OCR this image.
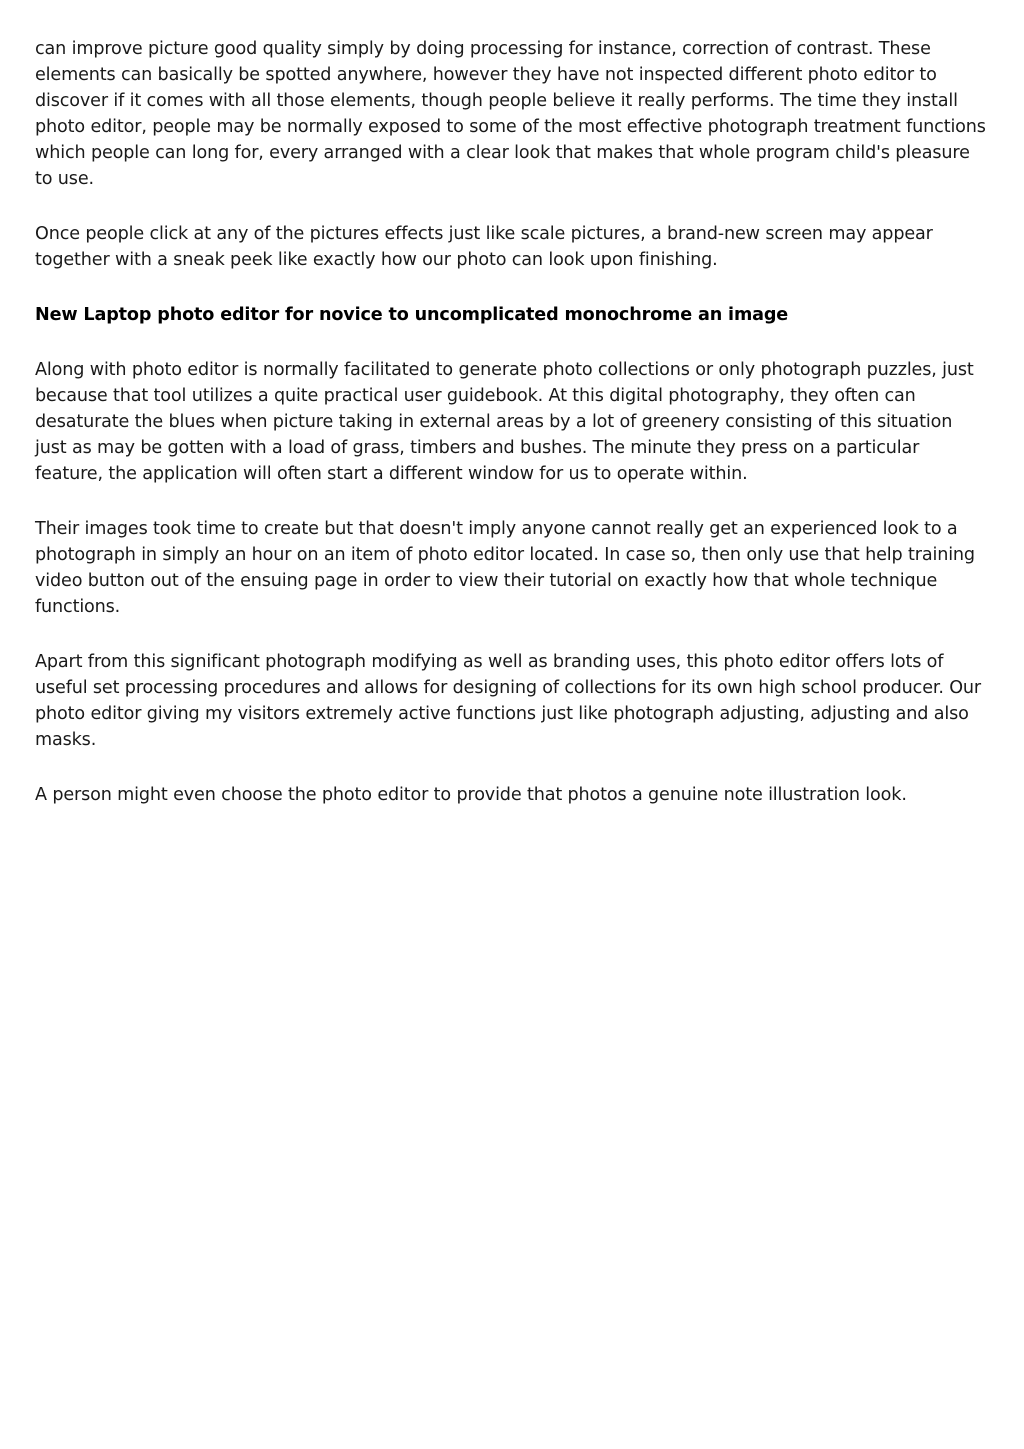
can improve picture good quality simply by doing processing for instance, correction of contrast. These elements can basically be spotted anywhere, however they have not inspected different photo editor to discover if it comes with all those elements, though people believe it really performs. The time they install photo editor, people may be normally exposed to some of the most effective photograph treatment functions which people can long for, every arranged with a clear look that makes that whole program child's pleasure to use.

Once people click at any of the pictures effects just like scale pictures, a brand-new screen may appear together with a sneak peek like exactly how our photo can look upon finishing.

New Laptop photo editor for novice to uncomplicated monochrome an image

Along with photo editor is normally facilitated to generate photo collections or only photograph puzzles, just because that tool utilizes a quite practical user guidebook. At this digital photography, they often can desaturate the blues when picture taking in external areas by a lot of greenery consisting of this situation just as may be gotten with a load of grass, timbers and bushes. The minute they press on a particular feature, the application will often start a different window for us to operate within.

Their images took time to create but that doesn't imply anyone cannot really get an experienced look to a photograph in simply an hour on an item of photo editor located. In case so, then only use that help training video button out of the ensuing page in order to view their tutorial on exactly how that whole technique functions.

Apart from this significant photograph modifying as well as branding uses, this photo editor offers lots of useful set processing procedures and allows for designing of collections for its own high school producer. Our photo editor giving my visitors extremely active functions just like photograph adjusting, adjusting and also masks.

A person might even choose the photo editor to provide that photos a genuine note illustration look.
